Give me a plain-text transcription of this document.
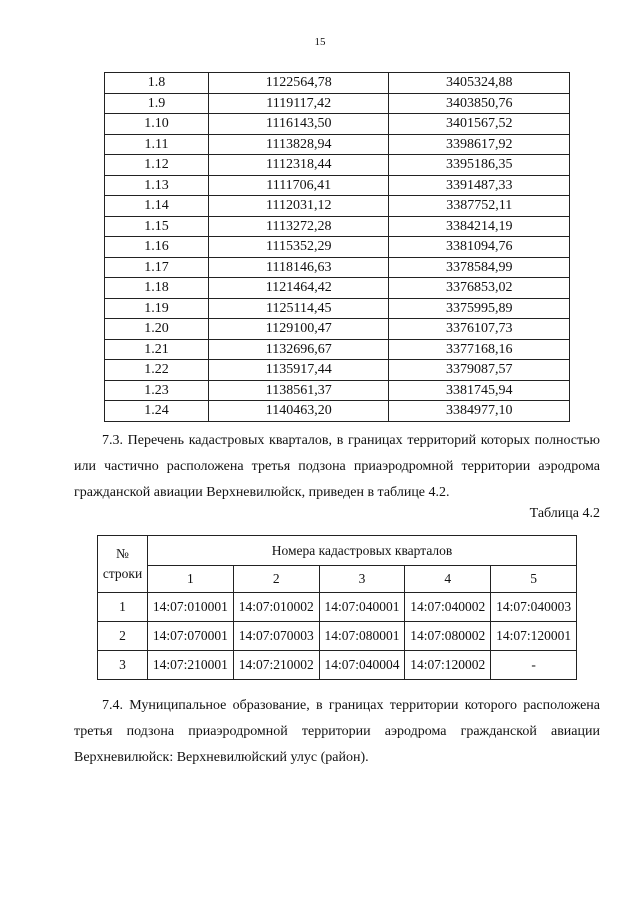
15
1.8	1122564,78	3405324,88
1.9	1119117,42	3403850,76
1.10	1116143,50	3401567,52
1.11	1113828,94	3398617,92
1.12	1112318,44	3395186,35
1.13	1111706,41	3391487,33
1.14	1112031,12	3387752,11
1.15	1113272,28	3384214,19
1.16	1115352,29	3381094,76
1.17	1118146,63	3378584,99
1.18	1121464,42	3376853,02
1.19	1125114,45	3375995,89
1.20	1129100,47	3376107,73
1.21	1132696,67	3377168,16
1.22	1135917,44	3379087,57
1.23	1138561,37	3381745,94
1.24	1140463,20	3384977,10
7.3. Перечень кадастровых кварталов, в границах территорий которых полностью или частично расположена третья подзона приаэродромной территории аэродрома гражданской авиации Верхневилюйск, приведен в таблице 4.2.
Таблица 4.2
№
строки	Номера кадастровых кварталов				
	1	2	3	4	5
1	14:07:010001	14:07:010002	14:07:040001	14:07:040002	14:07:040003
2	14:07:070001	14:07:070003	14:07:080001	14:07:080002	14:07:120001
3	14:07:210001	14:07:210002	14:07:040004	14:07:120002	-
7.4. Муниципальное образование, в границах территории которого расположена третья подзона приаэродромной территории аэродрома гражданской авиации Верхневилюйск: Верхневилюйский улус (район).
